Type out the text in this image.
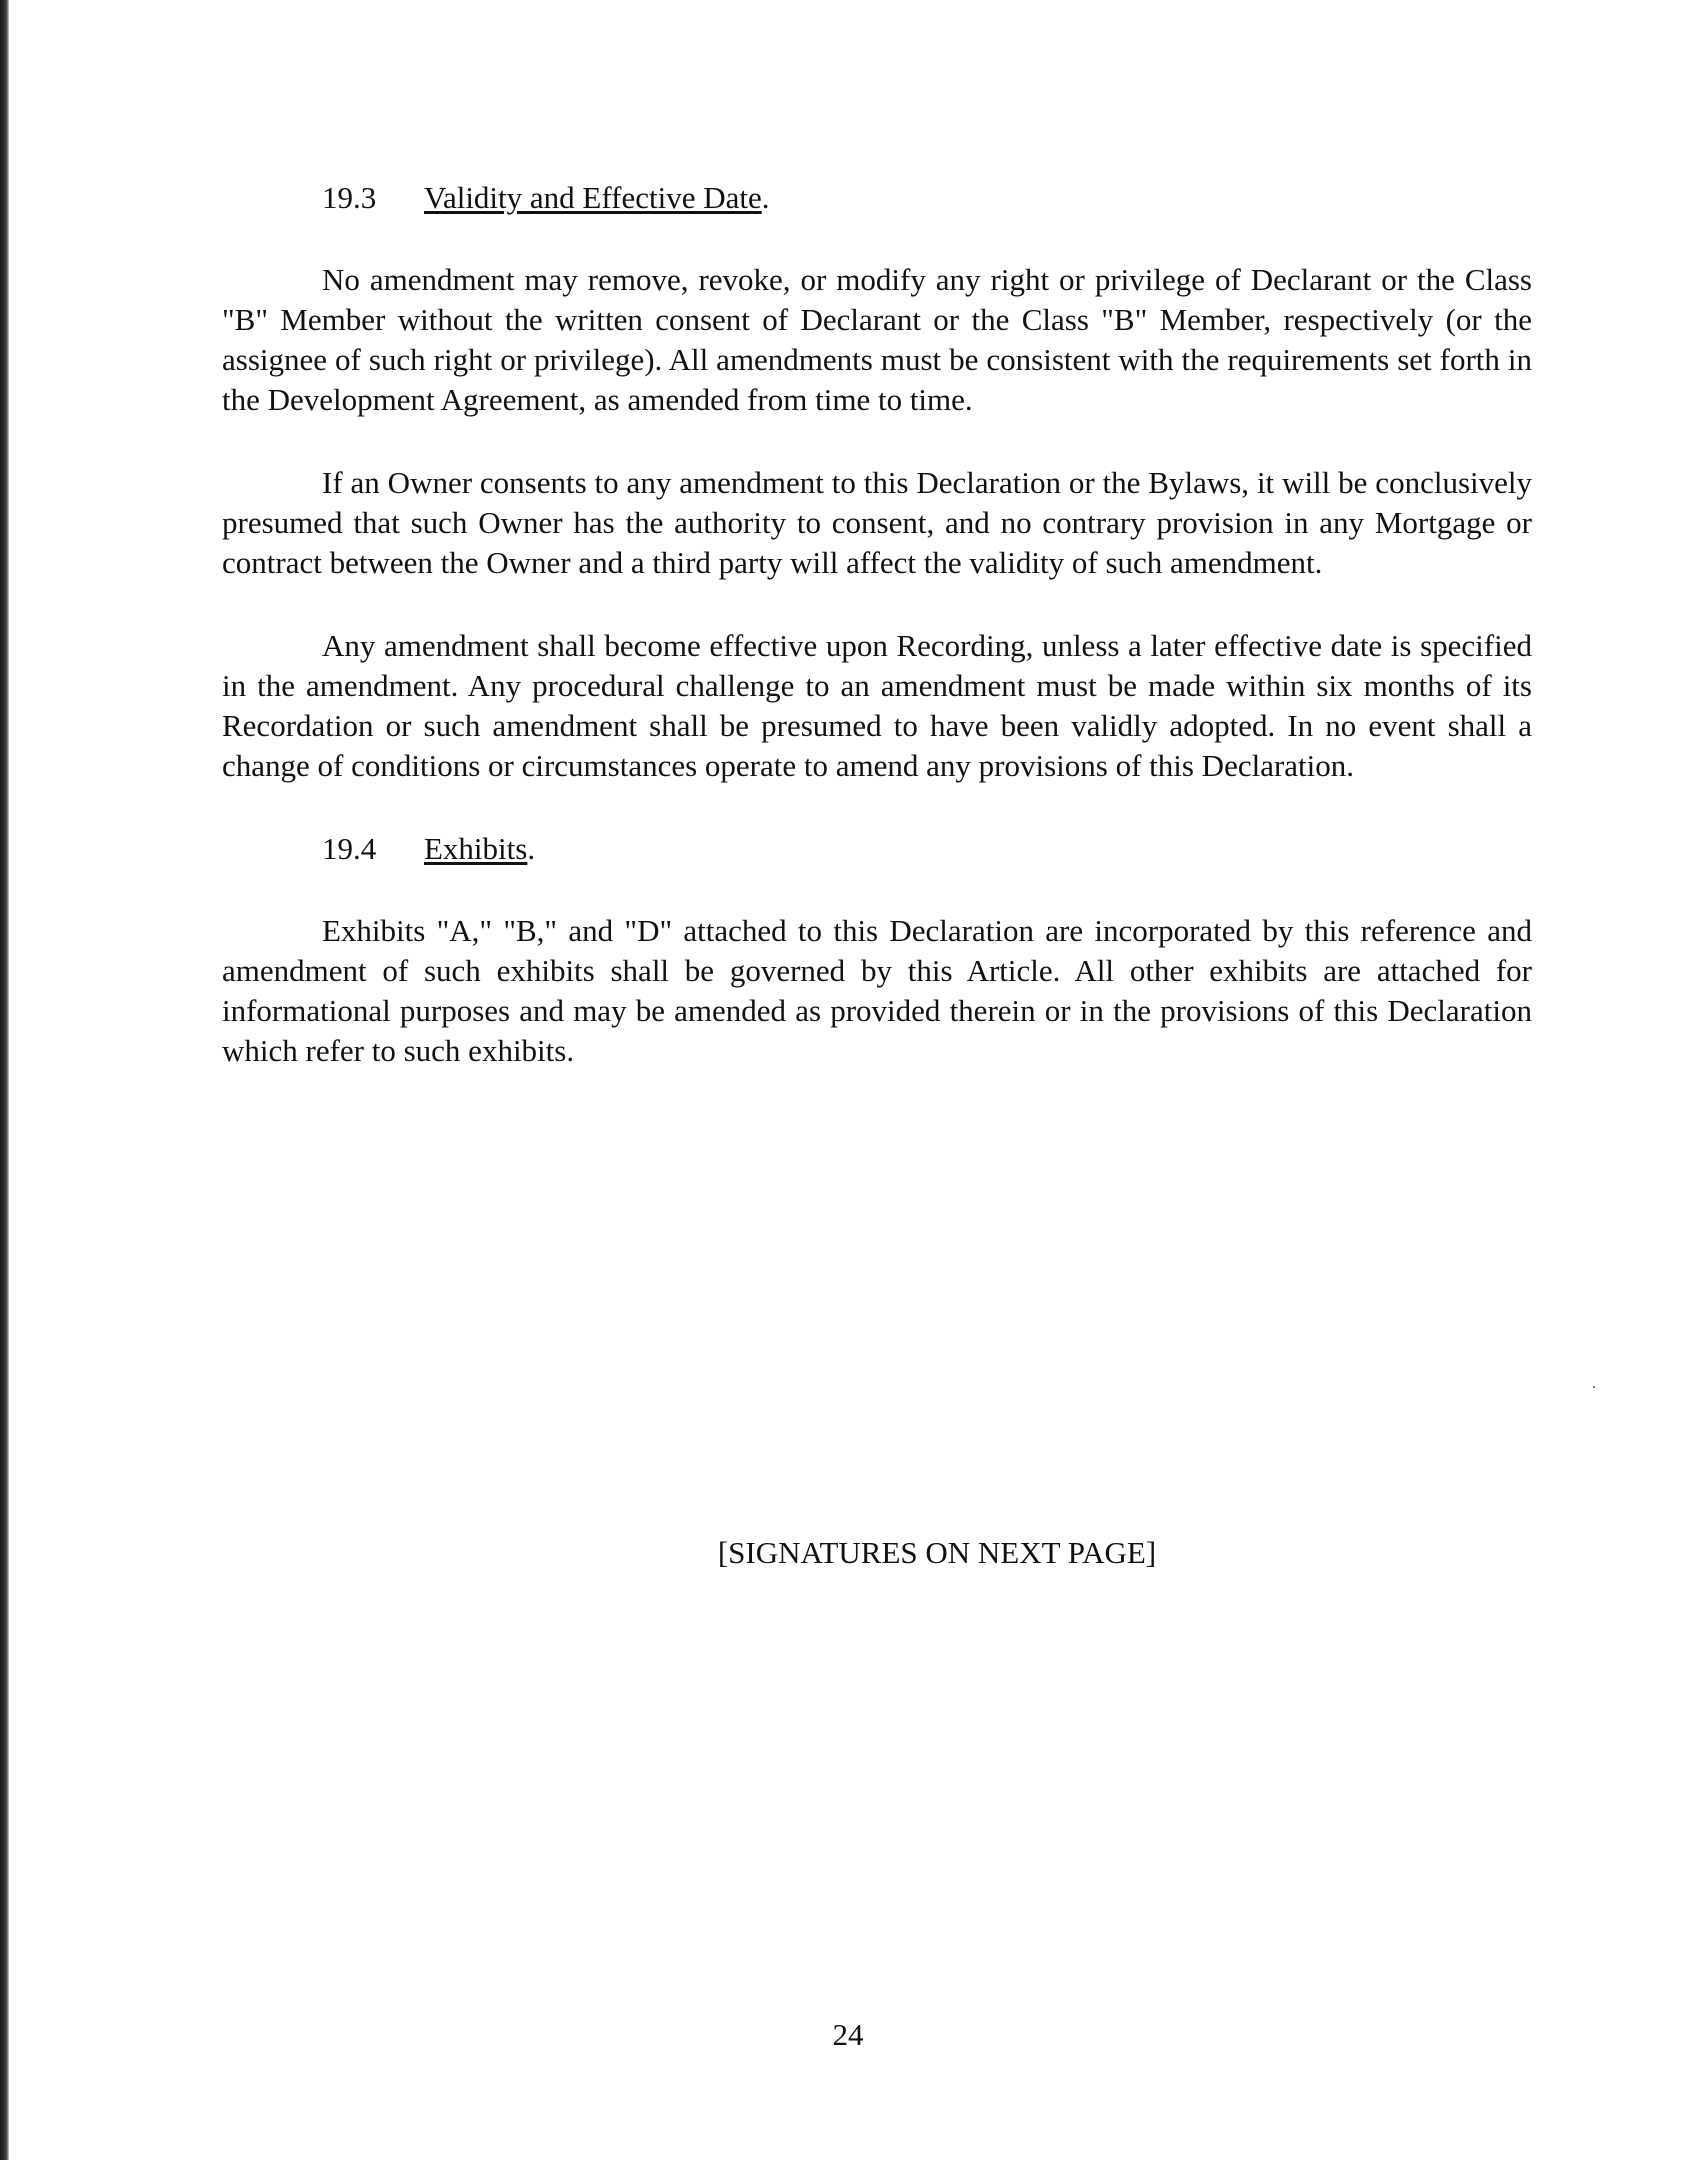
19.3 Validity and Effective Date.

No amendment may remove, revoke, or modify any right or privilege of Declarant or the Class "B" Member without the written consent of Declarant or the Class "B" Member, respectively (or the assignee of such right or privilege). All amendments must be consistent with the requirements set forth in the Development Agreement, as amended from time to time.

If an Owner consents to any amendment to this Declaration or the Bylaws, it will be conclusively presumed that such Owner has the authority to consent, and no contrary provision in any Mortgage or contract between the Owner and a third party will affect the validity of such amendment.

Any amendment shall become effective upon Recording, unless a later effective date is specified in the amendment. Any procedural challenge to an amendment must be made within six months of its Recordation or such amendment shall be presumed to have been validly adopted. In no event shall a change of conditions or circumstances operate to amend any provisions of this Declaration.

19.4 Exhibits.

Exhibits "A," "B," and "D" attached to this Declaration are incorporated by this reference and amendment of such exhibits shall be governed by this Article. All other exhibits are attached for informational purposes and may be amended as provided therein or in the provisions of this Declaration which refer to such exhibits.

[SIGNATURES ON NEXT PAGE]
24
